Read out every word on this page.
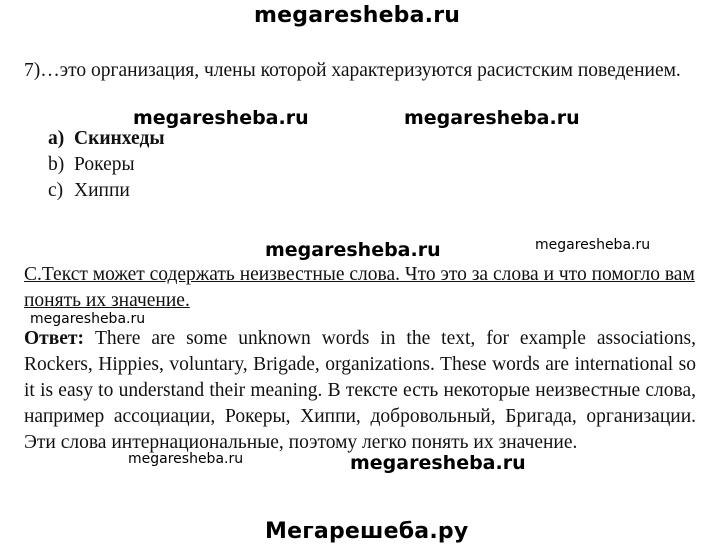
megaresheba.ru
megaresheba.ru	megaresheba.ru
megaresheba.ru	megaresheba.ru
megaresheba.ru
megaresheba.ru	megaresheba.ru
Мегарешеба.ру
7)…это организация, члены которой характеризуются расистским поведением.
a) Скинхеды
b) Рокеры
c) Хиппи
C.Текст может содержать неизвестные слова. Что это за слова и что помогло вам понять их значение.
Ответ: There are some unknown words in the text, for example associations, Rockers, Hippies, voluntary, Brigade, organizations. These words are international so it is easy to understand their meaning. В тексте есть некоторые неизвестные слова, например ассоциации, Рокеры, Хиппи, добровольный, Бригада, организации. Эти слова интернациональные, поэтому легко понять их значение.
